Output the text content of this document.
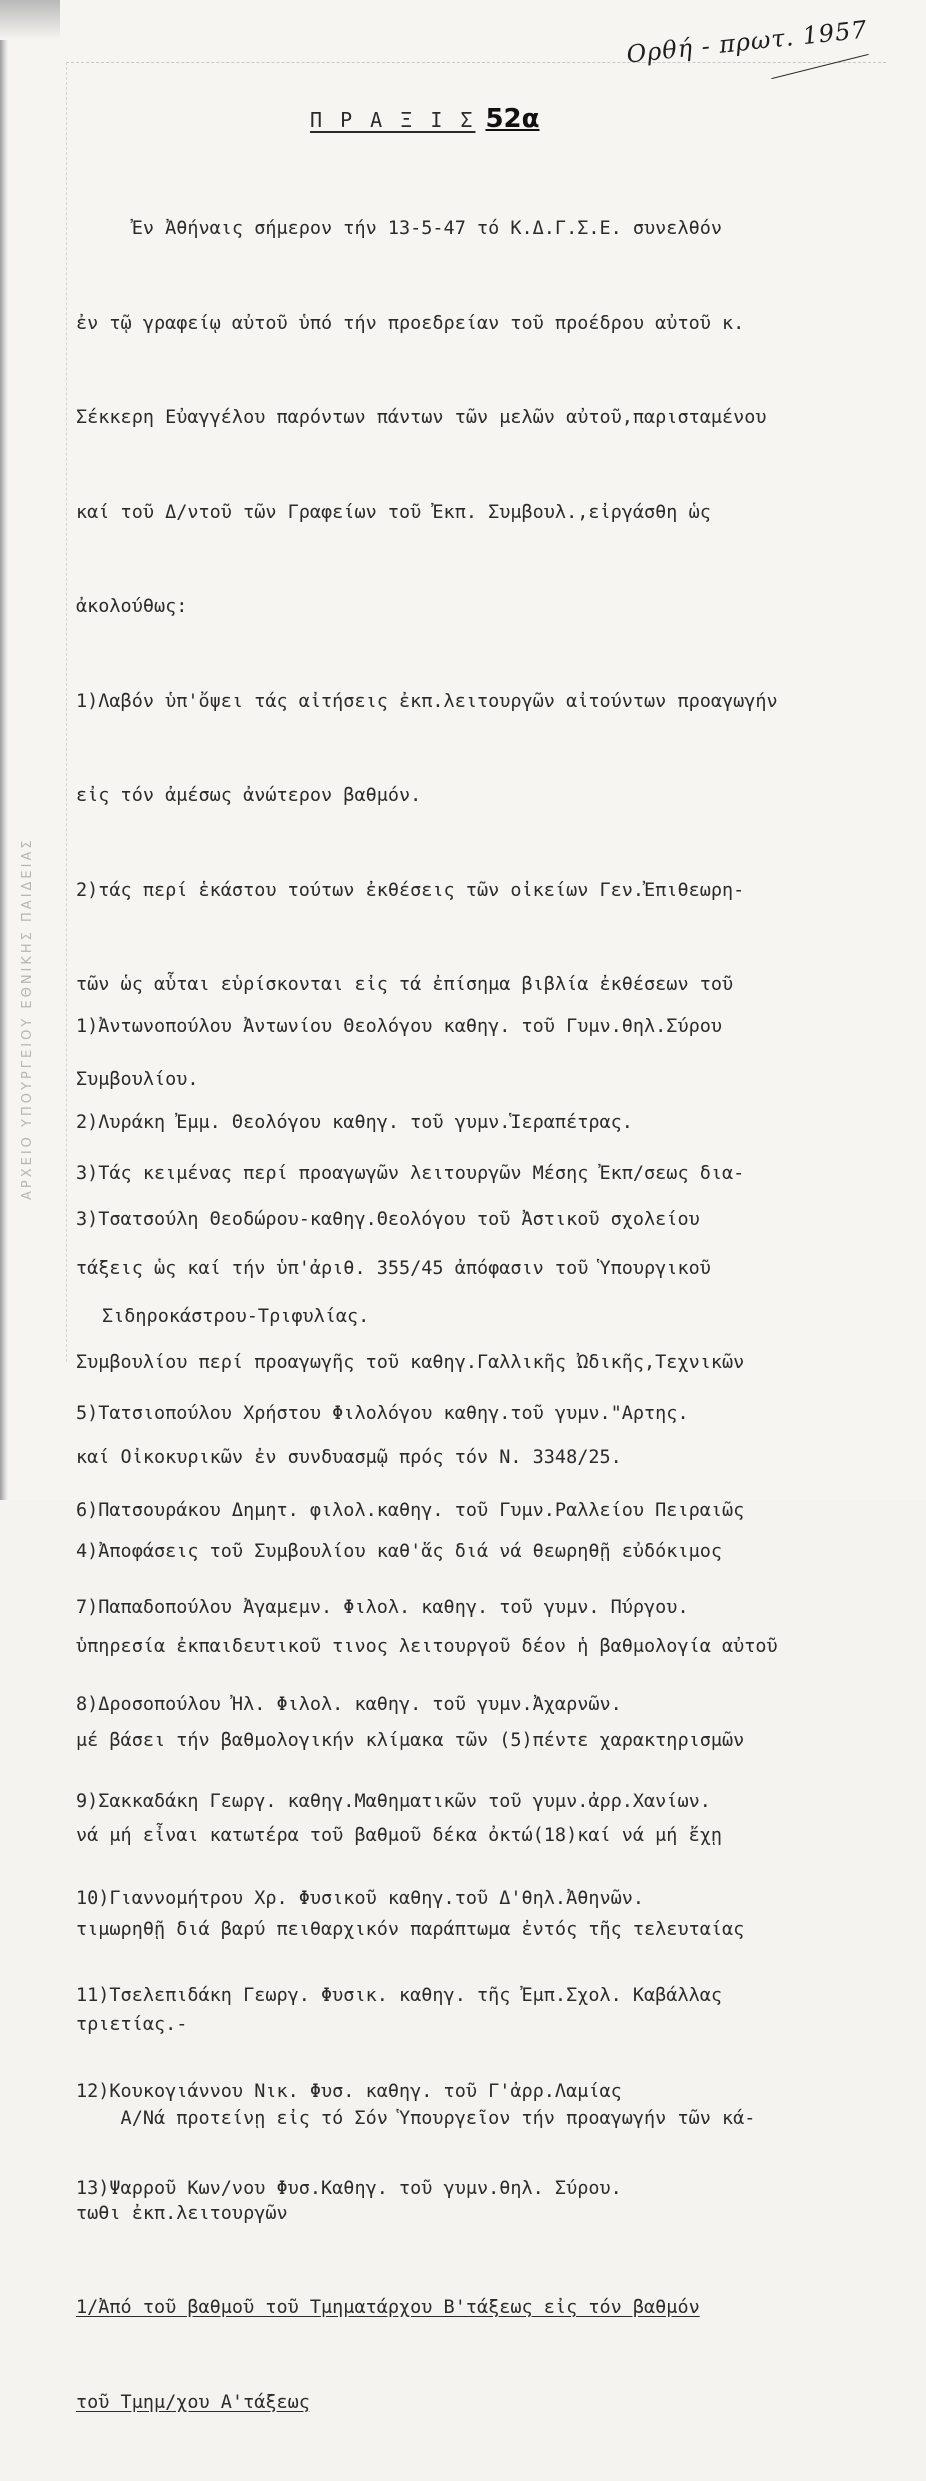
ΑΡΧΕΙΟ ΥΠΟΥΡΓΕΙΟΥ ΕΘΝΙΚΗΣ ΠΑΙΔΕΙΑΣ
Ορθή - πρωτ. 1957
Π Ρ Α Ξ Ι Σ 52α

Ἐν Ἀθήναις σήμερον τήν 13-5-47 τό Κ.Δ.Γ.Σ.Ε. συνελθόν

ἐν τῷ γραφείῳ αὐτοῦ ὑπό τήν προεδρείαν τοῦ προέδρου αὐτοῦ κ.

Σέκκερη Εὐαγγέλου παρόντων πάντων τῶν μελῶν αὐτοῦ,παρισταμένου

καί τοῦ Δ/ντοῦ τῶν Γραφείων τοῦ Ἐκπ. Συμβουλ.,εἰργάσθη ὡς

ἀκολούθως:

1)Λαβόν ὑπ'ὄψει τάς αἰτήσεις ἐκπ.λειτουργῶν αἰτούντων προαγωγήν

εἰς τόν ἀμέσως ἀνώτερον βαθμόν.

2)τάς περί ἑκάστου τούτων ἐκθέσεις τῶν οἰκείων Γεν.Ἐπιθεωρη-

τῶν ὡς αὗται εὑρίσκονται εἰς τά ἐπίσημα βιβλία ἐκθέσεων τοῦ

Συμβουλίου.

3)Τάς κειμένας περί προαγωγῶν λειτουργῶν Μέσης Ἐκπ/σεως δια-

τάξεις ὡς καί τήν ὑπ'ἀριθ. 355/45 ἀπόφασιν τοῦ Ὑπουργικοῦ

Συμβουλίου περί προαγωγῆς τοῦ καθηγ.Γαλλικῆς Ὠδικῆς,Τεχνικῶν

καί Οἰκοκυρικῶν ἐν συνδυασμῷ πρός τόν Ν. 3348/25.

4)Ἀποφάσεις τοῦ Συμβουλίου καθ'ἅς διά νά θεωρηθῇ εὐδόκιμος

ὑπηρεσία ἐκπαιδευτικοῦ τινος λειτουργοῦ δέον ἡ βαθμολογία αὐτοῦ

μέ βάσει τήν βαθμολογικήν κλίμακα τῶν (5)πέντε χαρακτηρισμῶν

νά μή εἶναι κατωτέρα τοῦ βαθμοῦ δέκα ὀκτώ(18)καί νά μή ἔχῃ

τιμωρηθῇ διά βαρύ πειθαρχικόν παράπτωμα ἐντός τῆς τελευταίας

τριετίας.-

Α/Νά προτείνῃ εἰς τό Σόν Ὑπουργεῖον τήν προαγωγήν τῶν κά-

τωθι ἐκπ.λειτουργῶν

1/Ἀπό τοῦ βαθμοῦ τοῦ Τμηματάρχου Β'τάξεως εἰς τόν βαθμόν

τοῦ Τμημ/χου Α'τάξεως

1)Ἀντωνοπούλου Ἀντωνίου Θεολόγου καθηγ. τοῦ Γυμν.θηλ.Σύρου

2)Λυράκη Ἐμμ. Θεολόγου καθηγ. τοῦ γυμν.Ἱεραπέτρας.

3)Τσατσούλη Θεοδώρου-καθηγ.Θεολόγου τοῦ Ἀστικοῦ σχολείου

Σιδηροκάστρου-Τριφυλίας.

5)Τατσιοπούλου Χρήστου Φιλολόγου καθηγ.τοῦ γυμν."Αρτης.

6)Πατσουράκου Δημητ. φιλολ.καθηγ. τοῦ Γυμν.Ραλλείου Πειραιῶς

7)Παπαδοπούλου Ἀγαμεμν. Φιλολ. καθηγ. τοῦ γυμν. Πύργου.

8)Δροσοπούλου Ἠλ. Φιλολ. καθηγ. τοῦ γυμν.Ἀχαρνῶν.

9)Σακκαδάκη Γεωργ. καθηγ.Μαθηματικῶν τοῦ γυμν.ἀρρ.Χανίων.

10)Γιαννομήτρου Χρ. Φυσικοῦ καθηγ.τοῦ Δ'θηλ.Ἀθηνῶν.

11)Τσελεπιδάκη Γεωργ. Φυσικ. καθηγ. τῆς Ἐμπ.Σχολ. Καβάλλας

12)Κουκογιάννου Νικ. Φυσ. καθηγ. τοῦ Γ'ἀρρ.Λαμίας

13)Ψαρροῦ Κων/νου Φυσ.Καθηγ. τοῦ γυμν.θηλ. Σύρου.
